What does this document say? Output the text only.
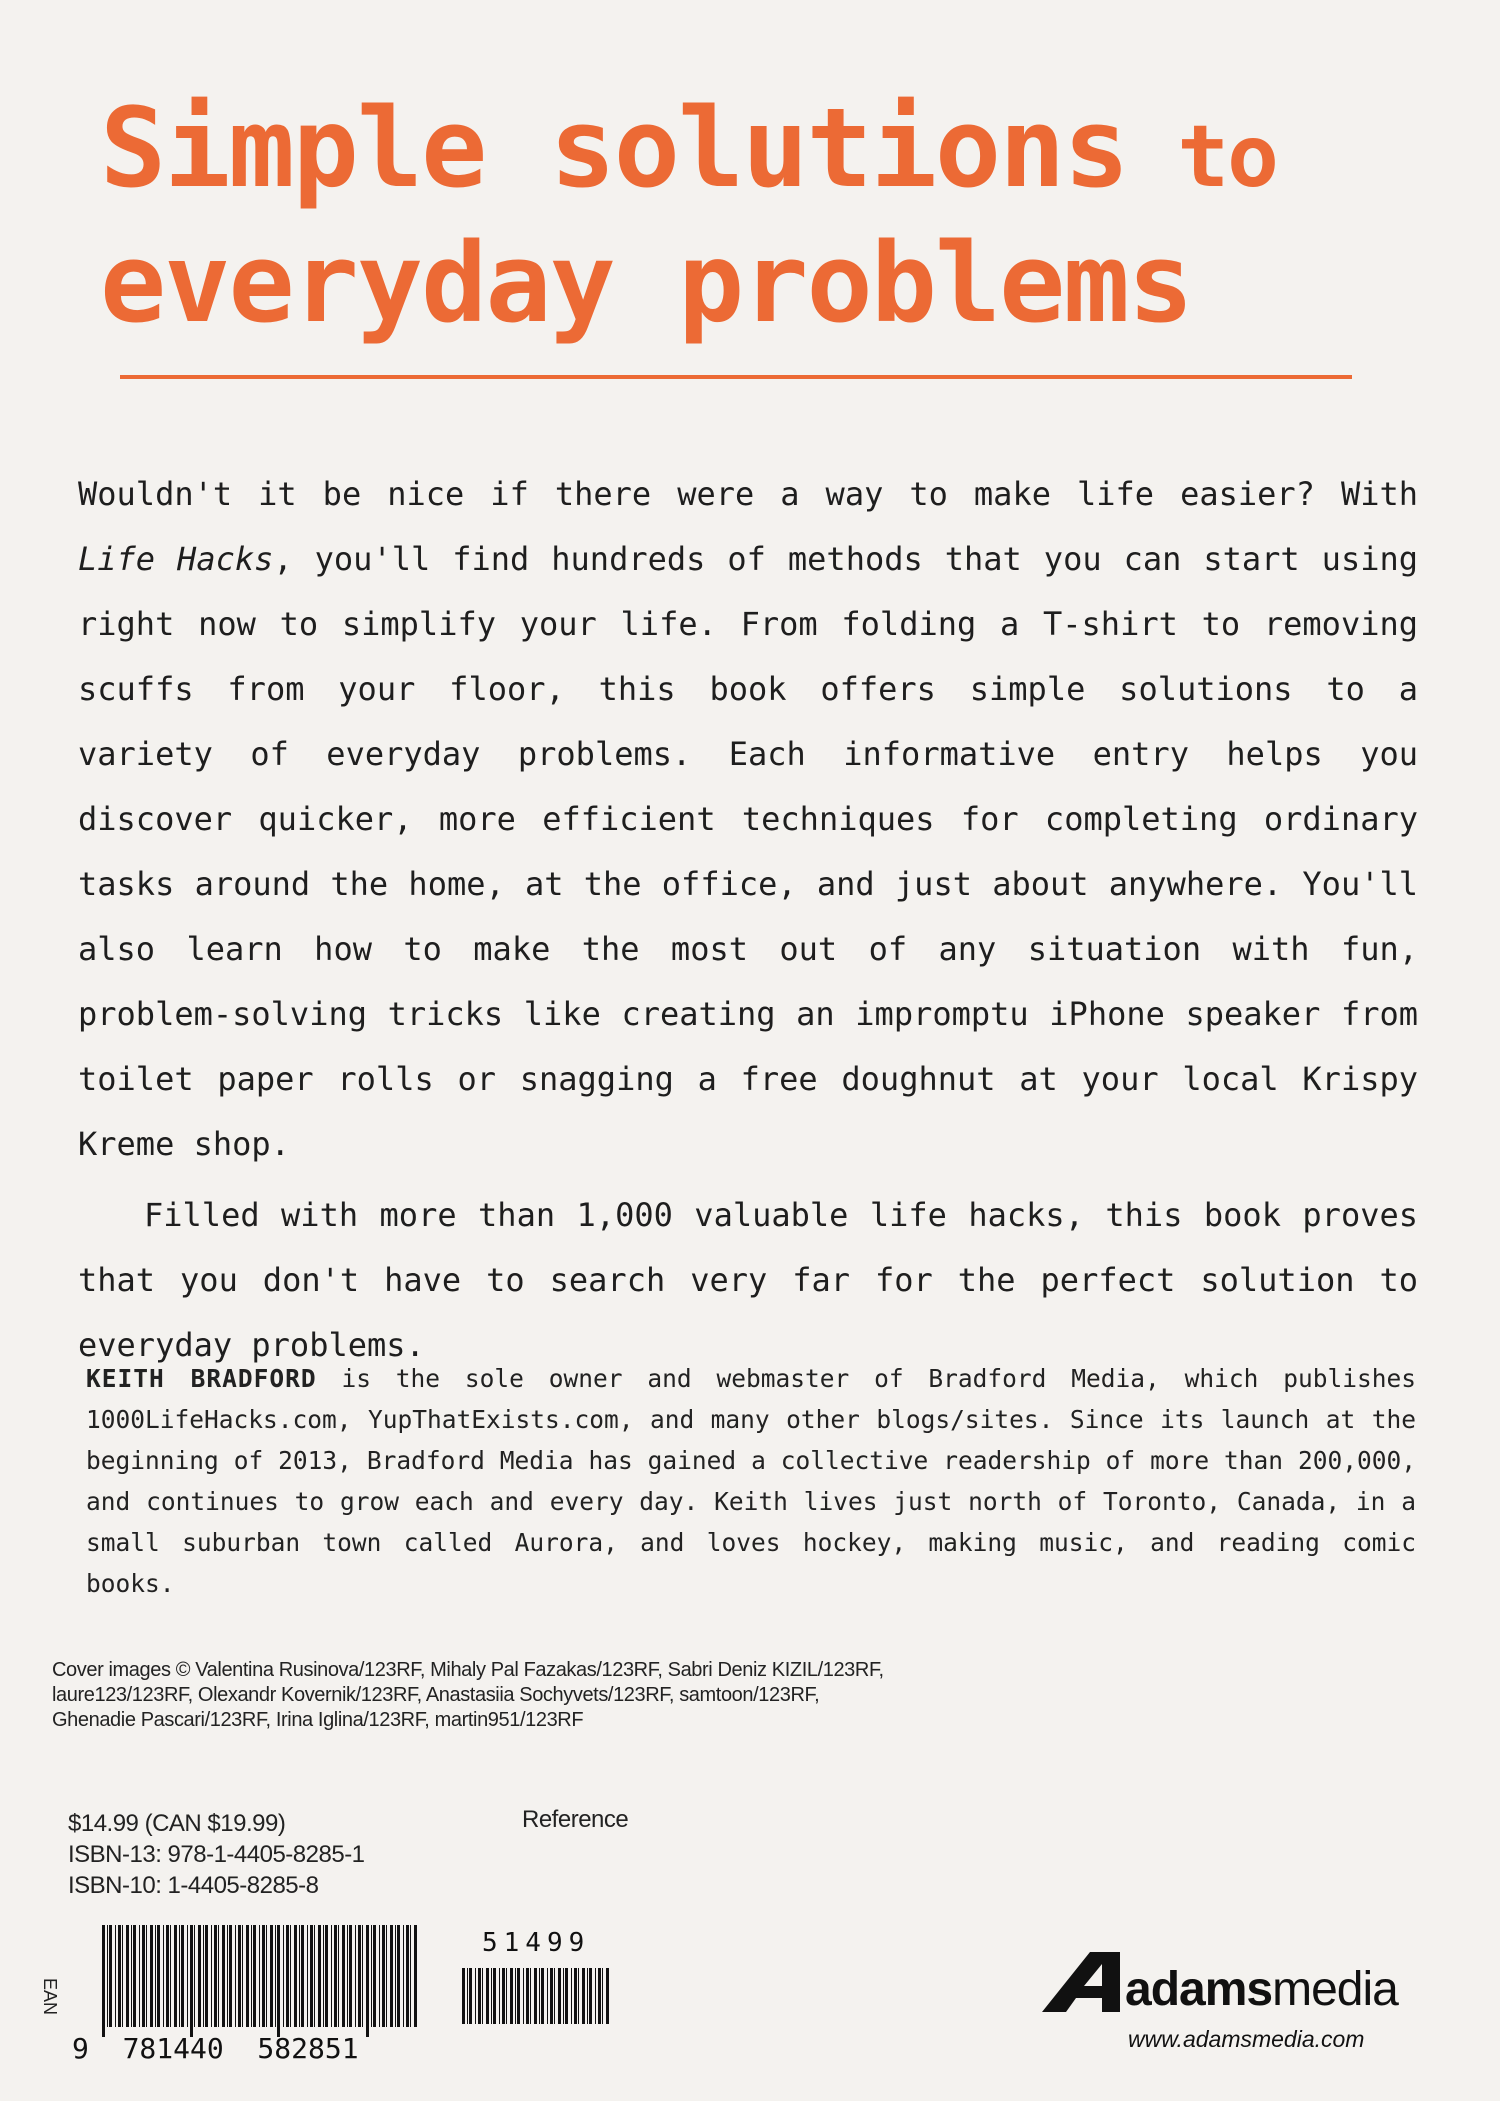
Simple solutions to
everyday problems

Wouldn't it be nice if there were a way to make life easier? With Life Hacks, you'll find hundreds of methods that you can start using right now to simplify your life. From folding a T-shirt to removing scuffs from your floor, this book offers simple solutions to a variety of everyday problems. Each informative entry helps you discover quicker, more efficient techniques for completing ordinary tasks around the home, at the office, and just about anywhere. You'll also learn how to make the most out of any situation with fun, problem-solving tricks like creating an impromptu iPhone speaker from toilet paper rolls or snagging a free doughnut at your local Krispy Kreme shop.

Filled with more than 1,000 valuable life hacks, this book proves that you don't have to search very far for the perfect solution to everyday problems.

KEITH BRADFORD is the sole owner and webmaster of Bradford Media, which publishes 1000LifeHacks.com, YupThatExists.com, and many other blogs/sites. Since its launch at the beginning of 2013, Bradford Media has gained a collective readership of more than 200,000, and continues to grow each and every day. Keith lives just north of Toronto, Canada, in a small suburban town called Aurora, and loves hockey, making music, and reading comic books.
Cover images © Valentina Rusinova/123RF, Mihaly Pal Fazakas/123RF, Sabri Deniz KIZIL/123RF, laure123/123RF, Olexandr Kovernik/123RF, Anastasiia Sochyvets/123RF, samtoon/123RF, Ghenadie Pascari/123RF, Irina Iglina/123RF, martin951/123RF
$14.99 (CAN $19.99)
ISBN-13: 978-1-4405-8285-1
ISBN-10: 1-4405-8285-8
Reference
EAN
9  781440  582851
51499
adamsmedia
www.adamsmedia.com
